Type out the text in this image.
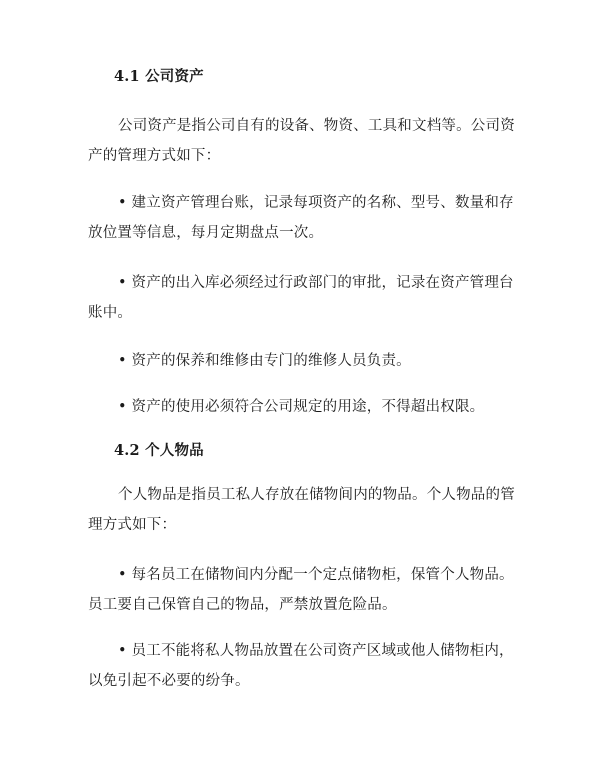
4.1 公司资产
公司资产是指公司自有的设备、物资、工具和文档等。公司资产的管理方式如下：
• 建立资产管理台账，记录每项资产的名称、型号、数量和存放位置等信息，每月定期盘点一次。
• 资产的出入库必须经过行政部门的审批，记录在资产管理台账中。
• 资产的保养和维修由专门的维修人员负责。
• 资产的使用必须符合公司规定的用途，不得超出权限。
4.2 个人物品
个人物品是指员工私人存放在储物间内的物品。个人物品的管理方式如下：
• 每名员工在储物间内分配一个定点储物柜，保管个人物品。员工要自己保管自己的物品，严禁放置危险品。
• 员工不能将私人物品放置在公司资产区域或他人储物柜内，以免引起不必要的纷争。
